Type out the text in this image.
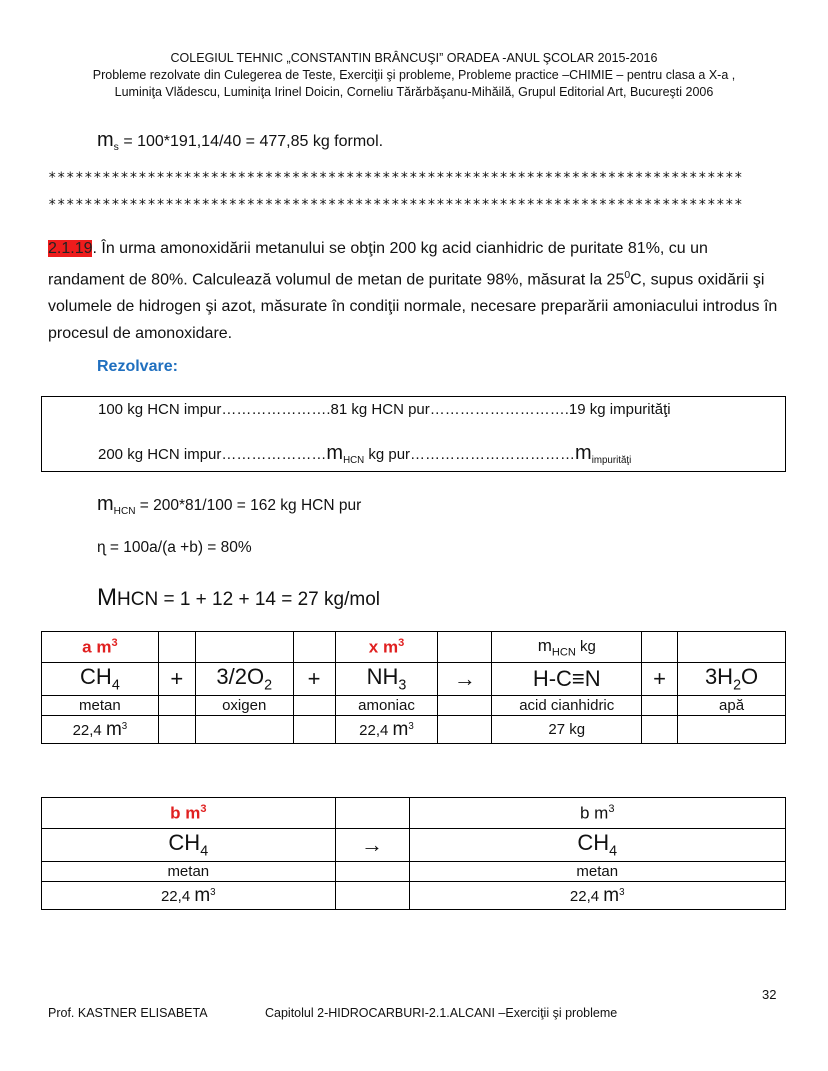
COLEGIUL TEHNIC „CONSTANTIN BRÂNCUŞI” ORADEA -ANUL ŞCOLAR 2015-2016
Probleme rezolvate din Culegerea de Teste, Exerciţii şi probleme, Probleme practice –CHIMIE – pentru clasa a X-a ,
Luminiţa Vlădescu, Luminiţa Irinel Doicin, Corneliu Tărărbăşanu-Mihăilă, Grupul Editorial Art, Bucureşti 2006
$m_s = 100*191,14/40 = 477,85$ kg formol.
*****************************************************************************
*****************************************************************************
2.1.19. În urma amonoxidării metanului se obţin 200 kg acid cianhidric de puritate 81%, cu un randament de 80%. Calculează volumul de metan de puritate 98%, măsurat la $25^0C$, supus oxidării şi volumele de hidrogen şi azot, măsurate în condiţii normale, necesare preparării amoniacului introdus în procesul de amonoxidare.
Rezolvare:
100 kg HCN impur………………….81 kg HCN pur……………………….19 kg impurităţi
200 kg HCN $impur\dots\dots\dots\dots\dots\dots\dots m_{HCN}$ kg $pur\dots\dots\dots\dots\dots\dots\dots\dots\dots\dots\dots m_{impurităţi}$
$m_{HCN} = 200*81/100 = 162$ kg HCN pur
ɳ = 100a/(a +b) = 80%
MHCN = 1 + 12 + 14 = 27 kg/mol
a $m^3$				x $m^3$		$m_{HCN}$ kg		
$CH_4$	+	$3/2O_2$	+	$NH_3$	→	H-C≡N	+	$3H_2O$
metan		oxigen		amoniac		acid cianhidric		apă
22,4 $m^3$				22,4 $m^3$		27 kg		
b $m^3$		b $m^3$
$CH_4$	→	$CH_4$
metan		metan
22,4 $m^3$		22,4 $m^3$
32
Prof. KASTNER ELISABETA	Capitolul 2-HIDROCARBURI-2.1.ALCANI –Exerciţii şi probleme
